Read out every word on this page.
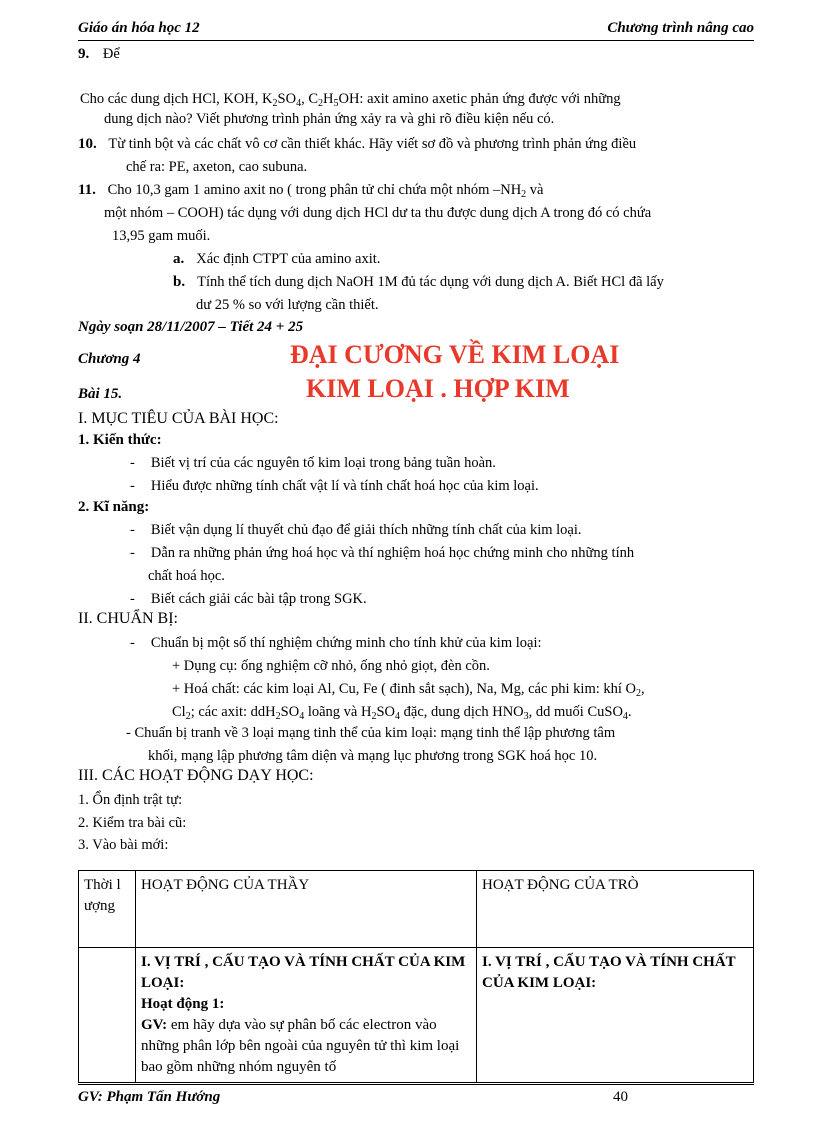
Giáo án hóa học 12	Chương trình nâng cao
9. Để
Cho các dung dịch HCl, KOH, $K_2SO_4$, $C_2H_5OH$: axit amino axetic phản ứng được với những
dung dịch nào? Viết phương trình phản ứng xảy ra và ghi rõ điều kiện nếu có.
10. Từ tinh bột và các chất vô cơ cần thiết khác. Hãy viết sơ đồ và phương trình phản ứng điều
chế ra: PE, axeton, cao subuna.
11. Cho 10,3 gam 1 amino axit no ( trong phân tử chỉ chứa một nhóm $-NH_2$ và
một nhóm – COOH) tác dụng với dung dịch HCl dư ta thu được dung dịch A trong đó có chứa
13,95 gam muối.
a. Xác định CTPT của amino axit.
b. Tính thể tích dung dịch NaOH 1M đủ tác dụng với dung dịch A. Biết HCl đã lấy
dư 25 % so với lượng cần thiết.
Ngày soạn 28/11/2007 – Tiết 24 + 25
Chương 4	ĐẠI CƯƠNG VỀ KIM LOẠI
Bài 15.	KIM LOẠI . HỢP KIM
I. MỤC TIÊU CỦA BÀI HỌC:
1. Kiến thức:
- Biết vị trí của các nguyên tố kim loại trong bảng tuần hoàn.
- Hiểu được những tính chất vật lí và tính chất hoá học của kim loại.
2. Kĩ năng:
- Biết vận dụng lí thuyết chủ đạo để giải thích những tính chất của kim loại.
- Dẫn ra những phản ứng hoá học và thí nghiệm hoá học chứng minh cho những tính
chất hoá học.
- Biết cách giải các bài tập trong SGK.
II. CHUẨN BỊ:
- Chuẩn bị một số thí nghiệm chứng minh cho tính khử của kim loại:
+ Dụng cụ: ống nghiệm cỡ nhỏ, ống nhỏ giọt, đèn cồn.
+ Hoá chất: các kim loại Al, Cu, Fe ( đinh sắt sạch), Na, Mg, các phi kim: khí $O_2$,
$Cl_2$; các axit: $ddH_2SO_4$ loãng và $H_2SO_4$ đặc, dung dịch $HNO_3$, dd muối CuSO$_4$.
- Chuẩn bị tranh về 3 loại mạng tinh thể của kim loại: mạng tinh thể lập phương tâm
khối, mạng lập phương tâm diện và mạng lục phương trong SGK hoá học 10.
III. CÁC HOẠT ĐỘNG DẠY HỌC:
1. Ổn định trật tự:
2. Kiểm tra bài cũ:
3. Vào bài mới:
Thời lượng	HOẠT ĐỘNG CỦA THẦY	HOẠT ĐỘNG CỦA TRÒ

	I. VỊ TRÍ , CẤU TẠO VÀ TÍNH CHẤT CỦA KIM LOẠI:
Hoạt động 1:
GV: em hãy dựa vào sự phân bố các electron vào những phân lớp bên ngoài của nguyên tử thì kim loại bao gồm những nhóm nguyên tố	I. VỊ TRÍ , CẤU TẠO VÀ TÍNH CHẤT CỦA KIM LOẠI:
GV: Phạm Tấn Hướng	40
